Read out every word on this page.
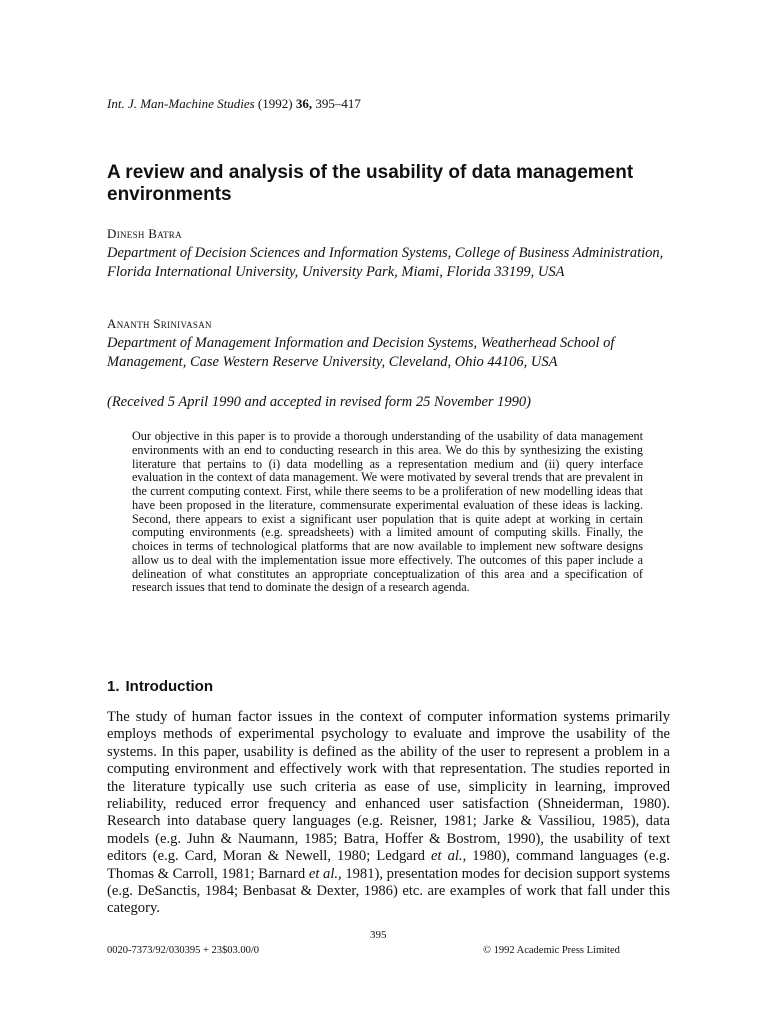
Int. J. Man-Machine Studies (1992) 36, 395–417
A review and analysis of the usability of data management environments
Dinesh Batra
Department of Decision Sciences and Information Systems, College of Business Administration, Florida International University, University Park, Miami, Florida 33199, USA
Ananth Srinivasan
Department of Management Information and Decision Systems, Weatherhead School of Management, Case Western Reserve University, Cleveland, Ohio 44106, USA
(Received 5 April 1990 and accepted in revised form 25 November 1990)

Our objective in this paper is to provide a thorough understanding of the usability of data management environments with an end to conducting research in this area. We do this by synthesizing the existing literature that pertains to (i) data modelling as a representation medium and (ii) query interface evaluation in the context of data management. We were motivated by several trends that are prevalent in the current computing context. First, while there seems to be a proliferation of new modelling ideas that have been proposed in the literature, commensurate experimental evaluation of these ideas is lacking. Second, there appears to exist a significant user population that is quite adept at working in certain computing environments (e.g. spreadsheets) with a limited amount of computing skills. Finally, the choices in terms of technological platforms that are now available to implement new software designs allow us to deal with the implementation issue more effectively. The outcomes of this paper include a delineation of what constitutes an appropriate conceptualization of this area and a specification of research issues that tend to dominate the design of a research agenda.

1. Introduction

The study of human factor issues in the context of computer information systems primarily employs methods of experimental psychology to evaluate and improve the usability of the systems. In this paper, usability is defined as the ability of the user to represent a problem in a computing environment and effectively work with that representation. The studies reported in the literature typically use such criteria as ease of use, simplicity in learning, improved reliability, reduced error frequency and enhanced user satisfaction (Shneiderman, 1980). Research into database query languages (e.g. Reisner, 1981; Jarke & Vassiliou, 1985), data models (e.g. Juhn & Naumann, 1985; Batra, Hoffer & Bostrom, 1990), the usability of text editors (e.g. Card, Moran & Newell, 1980; Ledgard et al., 1980), command languages (e.g. Thomas & Carroll, 1981; Barnard et al., 1981), presentation modes for decision support systems (e.g. DeSanctis, 1984; Benbasat & Dexter, 1986) etc. are examples of work that fall under this category.

395
0020-7373/92/030395 + 23$03.00/0	© 1992 Academic Press Limited
